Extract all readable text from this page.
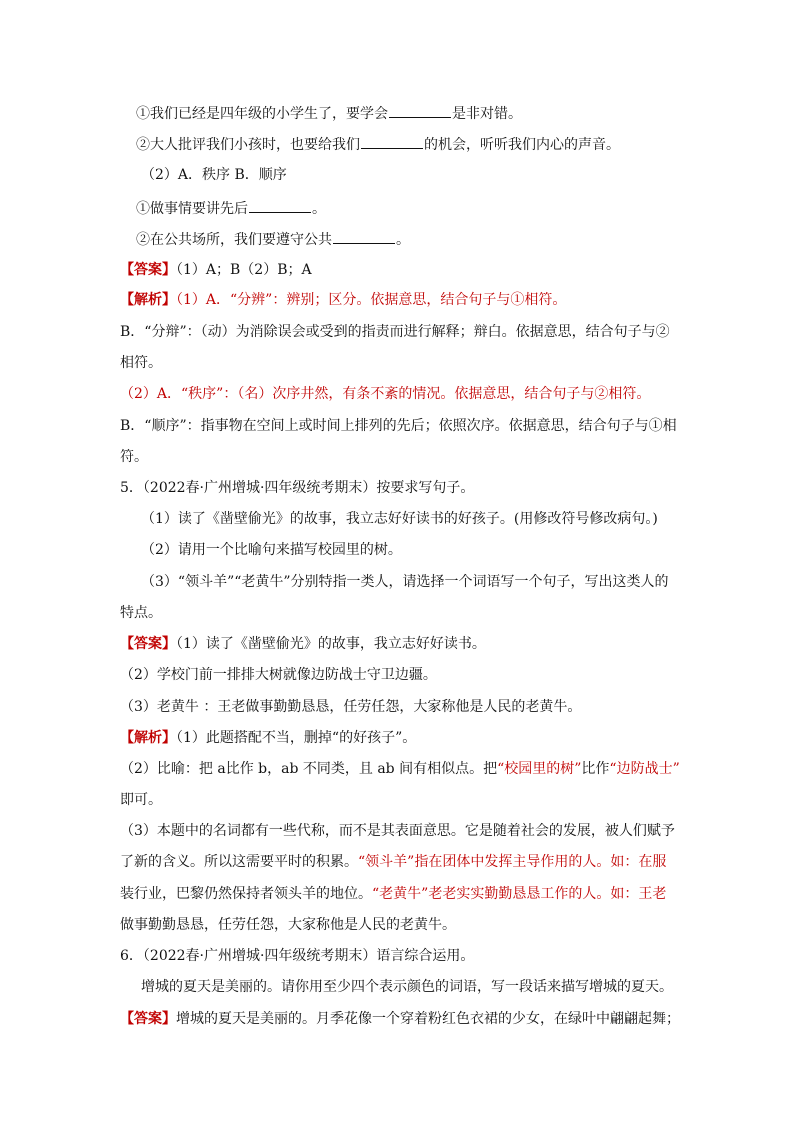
①我们已经是四年级的小学生了，要学会	是非对错。
②大人批评我们小孩时，也要给我们	的机会，听听我们内心的声音。
（2）A．秩序 B．顺序
①做事情要讲先后	。
②在公共场所，我们要遵守公共	。
【答案】（1）A；B（2）B；A
【解析】（1）A．“分辨”：辨别；区分。依据意思，结合句子与①相符。
B．“分辩”：（动）为消除误会或受到的指责而进行解释；辩白。依据意思，结合句子与②
相符。
（2）A．“秩序”：（名）次序井然，有条不紊的情况。依据意思，结合句子与②相符。
B．“顺序”：指事物在空间上或时间上排列的先后；依照次序。依据意思，结合句子与①相
符。
5．（2022春·广州增城·四年级统考期末）按要求写句子。
（1）读了《凿壁偷光》的故事，我立志好好读书的好孩子。(用修改符号修改病句。)
（2）请用一个比喻句来描写校园里的树。
（3）“领斗羊”“老黄牛”分别特指一类人，请选择一个词语写一个句子，写出这类人的
特点。
【答案】（1）读了《凿壁偷光》的故事，我立志好好读书。
（2）学校门前一排排大树就像边防战士守卫边疆。
（3）老黄牛 ：王老做事勤勤恳恳，任劳任怨，大家称他是人民的老黄牛。
【解析】（1）此题搭配不当，删掉“的好孩子”。
（2）比喻：把 a比作 b，ab 不同类，且 ab 间有相似点。把“校园里的树”比作“边防战士”
即可。
（3）本题中的名词都有一些代称，而不是其表面意思。它是随着社会的发展，被人们赋予
了新的含义。所以这需要平时的积累。“领斗羊”指在团体中发挥主导作用的人。如：在服
装行业，巴黎仍然保持者领头羊的地位。“老黄牛”老老实实勤勤恳恳工作的人。如：王老
做事勤勤恳恳，任劳任怨，大家称他是人民的老黄牛。
6．（2022春·广州增城·四年级统考期末）语言综合运用。
增城的夏天是美丽的。请你用至少四个表示颜色的词语，写一段话来描写增城的夏天。
【答案】增城的夏天是美丽的。月季花像一个穿着粉红色衣裙的少女，在绿叶中翩翩起舞；
